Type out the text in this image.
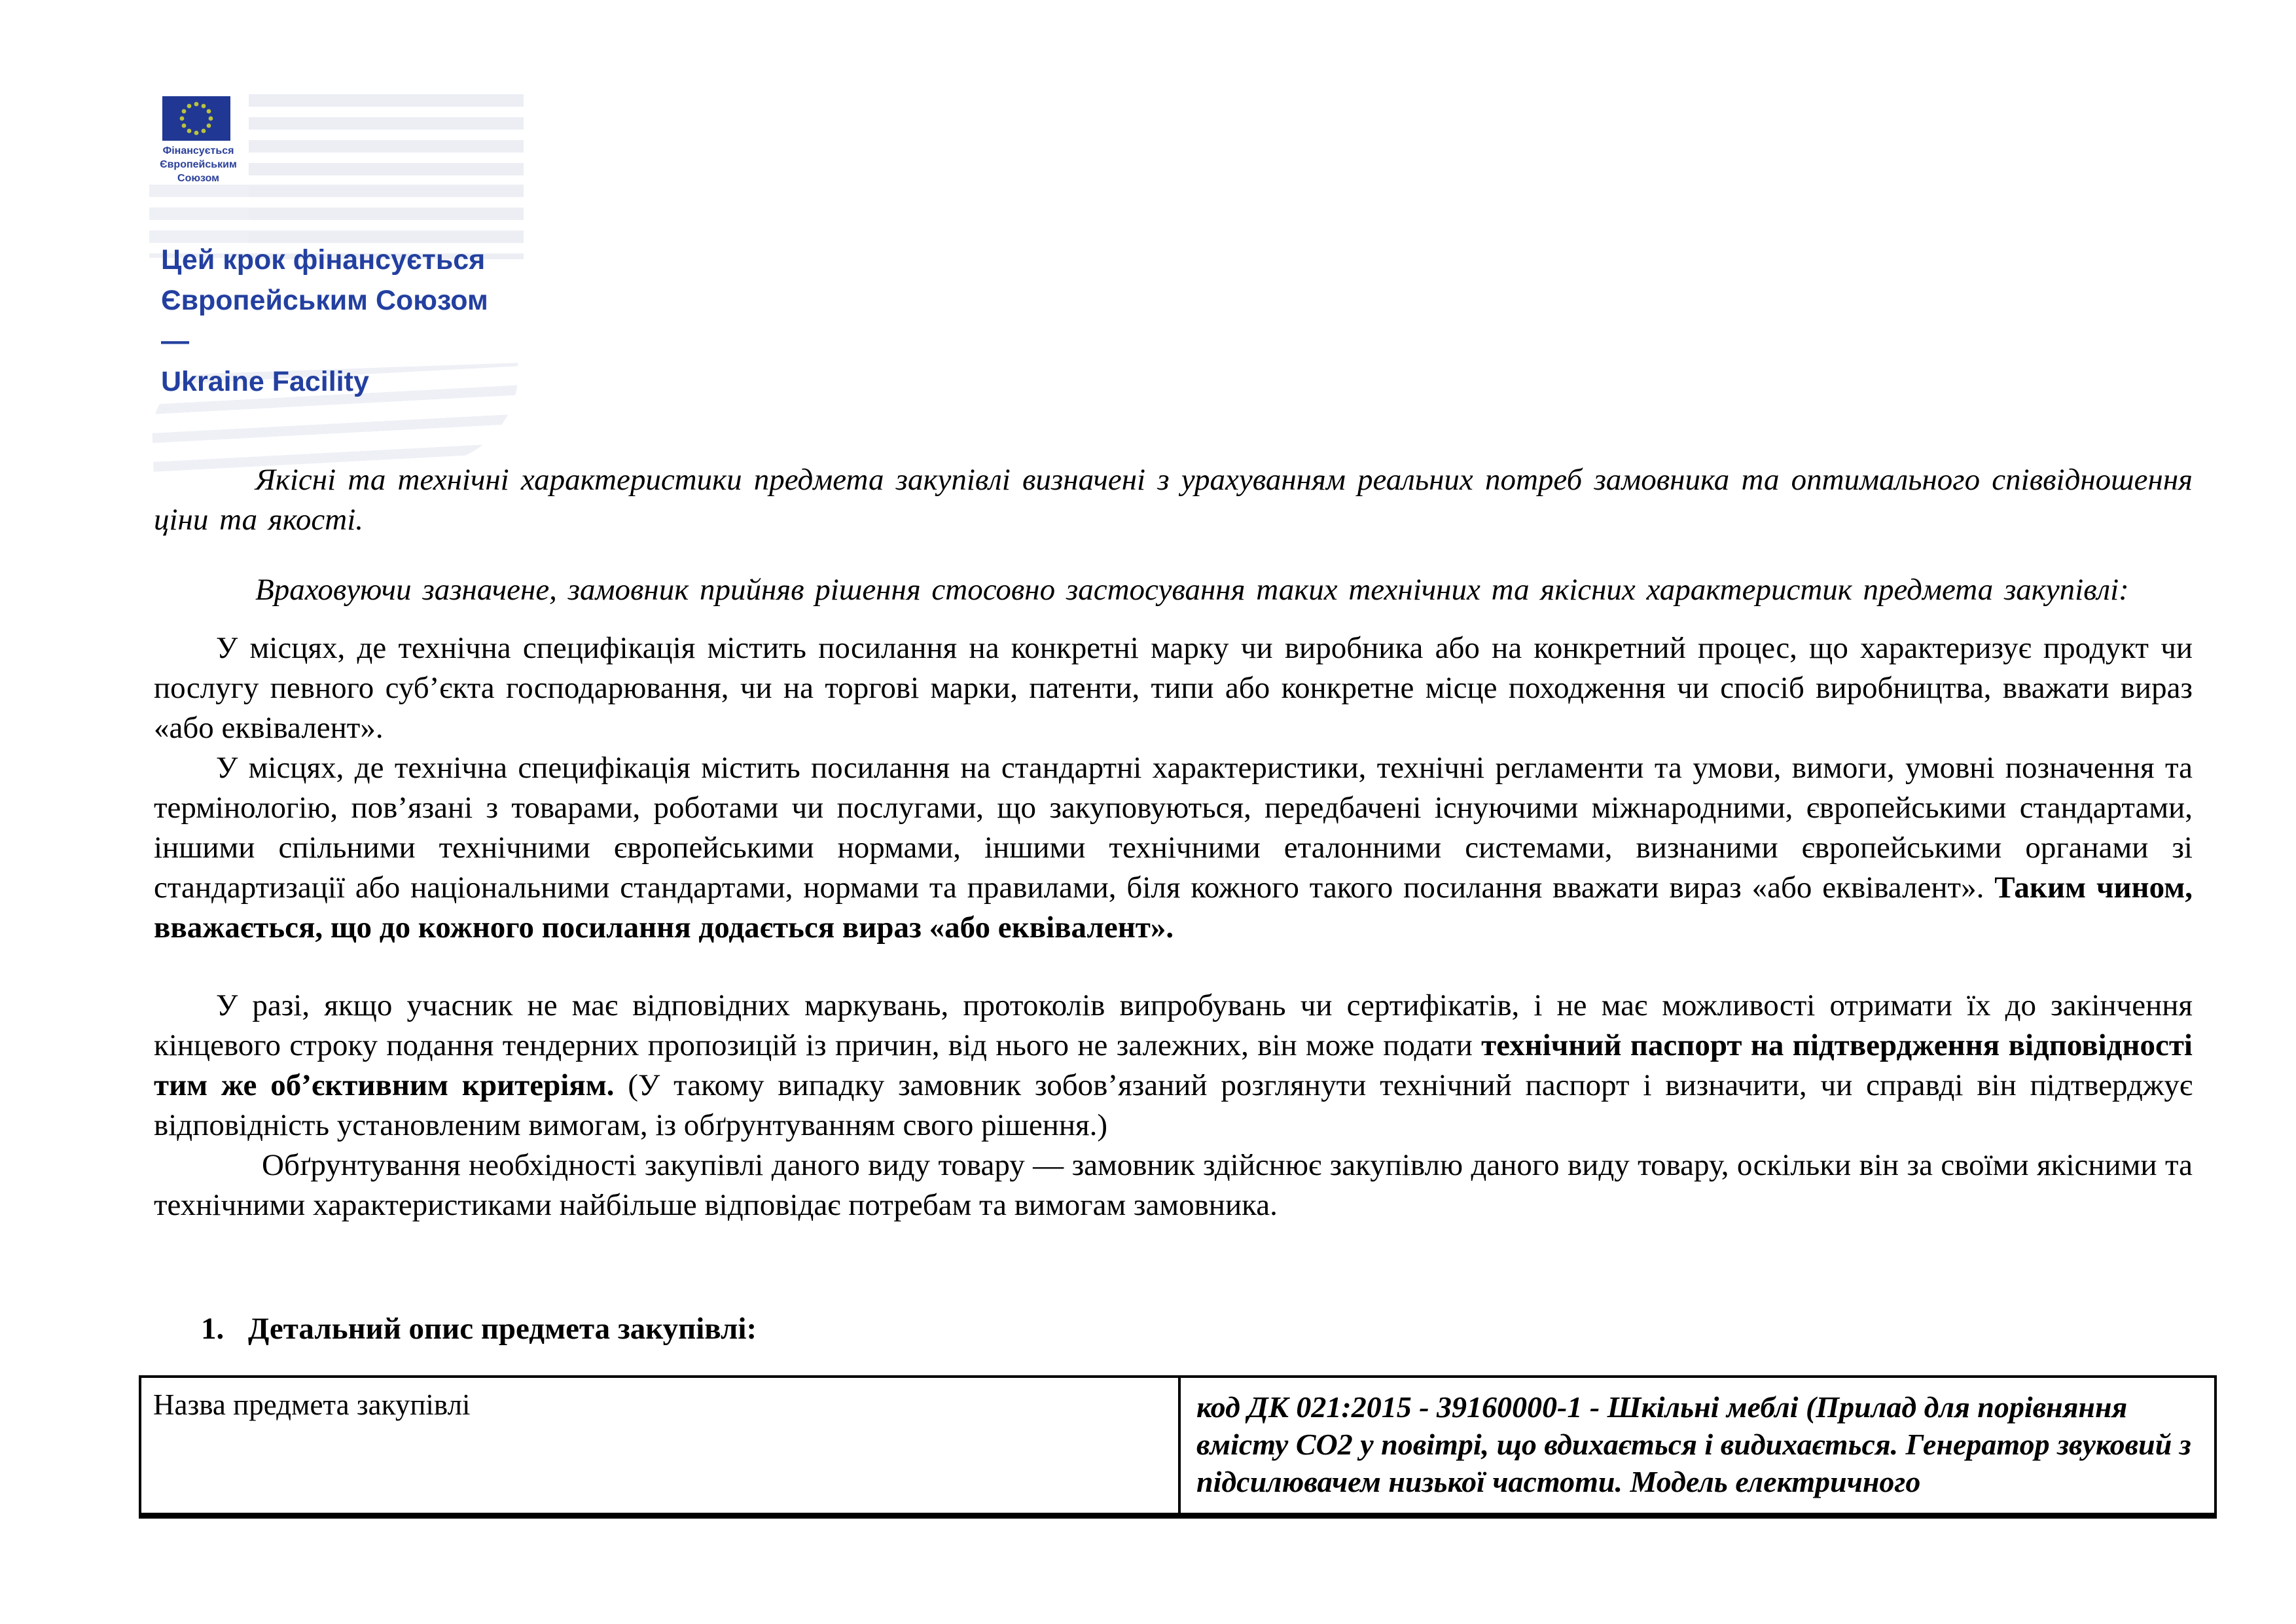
Фінансується
Європейським Союзом
Цей крок фінансується
Європейським Союзом —
Ukraine Facility

Якісні та технічні характеристики предмета закупівлі визначені з урахуванням реальних потреб замовника та оптимального співвідношення ціни та якості.

Враховуючи зазначене, замовник прийняв рішення стосовно застосування таких технічних та якісних характеристик предмета закупівлі:

У місцях, де технічна специфікація містить посилання на конкретні марку чи виробника або на конкретний процес, що характеризує продукт чи послугу певного суб’єкта господарювання, чи на торгові марки, патенти, типи або конкретне місце походження чи спосіб виробництва, вважати вираз «або еквівалент».

У місцях, де технічна специфікація містить посилання на стандартні характеристики, технічні регламенти та умови, вимоги, умовні позначення та термінологію, пов’язані з товарами, роботами чи послугами, що закуповуються, передбачені існуючими міжнародними, європейськими стандартами, іншими спільними технічними європейськими нормами, іншими технічними еталонними системами, визнаними європейськими органами зі стандартизації або національними стандартами, нормами та правилами, біля кожного такого посилання вважати вираз «або еквівалент». Таким чином, вважається, що до кожного посилання додається вираз «або еквівалент».

У разі, якщо учасник не має відповідних маркувань, протоколів випробувань чи сертифікатів, і не має можливості отримати їх до закінчення кінцевого строку подання тендерних пропозицій із причин, від нього не залежних, він може подати технічний паспорт на підтвердження відповідності тим же об’єктивним критеріям. (У такому випадку замовник зобов’язаний розглянути технічний паспорт і визначити, чи справді він підтверджує відповідність установленим вимогам, із обґрунтуванням свого рішення.)

Обґрунтування необхідності закупівлі даного виду товару — замовник здійснює закупівлю даного виду товару, оскільки він за своїми якісними та технічними характеристиками найбільше відповідає потребам та вимогам замовника.

1. Детальний опис предмета закупівлі:
Назва предмета закупівлі	код ДК 021:2015 - 39160000-1 - Шкільні меблі (Прилад для порівняння вмісту СО2 у повітрі, що вдихається і видихається. Генератор звуковий з підсилювачем низької частоти. Модель електричного
